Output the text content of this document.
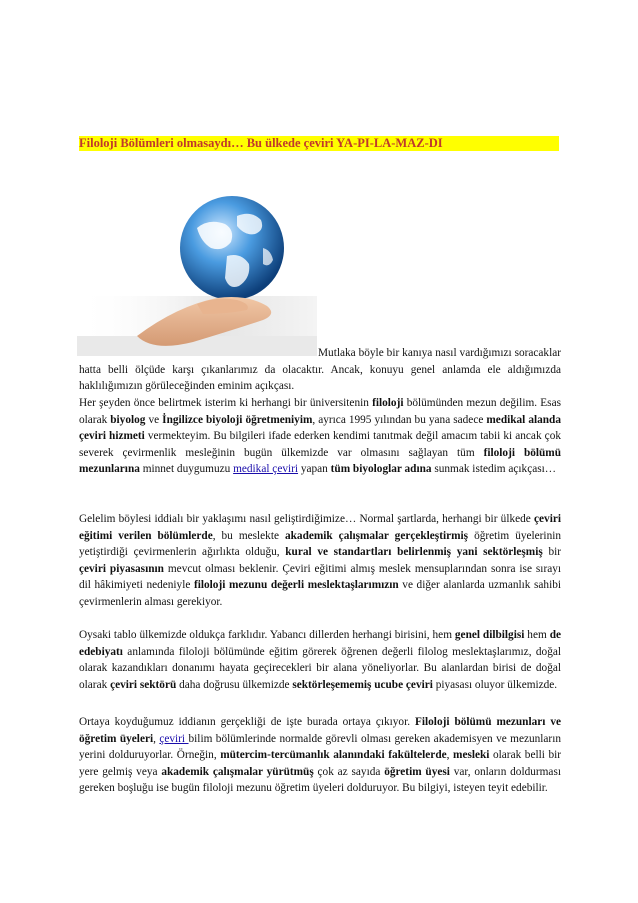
Filoloji Bölümleri olmasaydı… Bu ülkede çeviri YA-PI-LA-MAZ-DI

Mutlaka böyle bir kanıya nasıl vardığımızı soracaklar hatta belli ölçüde karşı çıkanlarımız da olacaktır. Ancak, konuyu genel anlamda ele aldığımızda haklılığımızın görüleceğinden eminim açıkçası.

Her şeyden önce belirtmek isterim ki herhangi bir üniversitenin filoloji bölümünden mezun değilim. Esas olarak biyolog ve İngilizce biyoloji öğretmeniyim, ayrıca 1995 yılından bu yana sadece medikal alanda çeviri hizmeti vermekteyim. Bu bilgileri ifade ederken kendimi tanıtmak değil amacım tabii ki ancak çok severek çevirmenlik mesleğinin bugün ülkemizde var olmasını sağlayan tüm filoloji bölümü mezunlarına minnet duygumuzu medikal çeviri yapan tüm biyologlar adına sunmak istedim açıkçası…

Gelelim böylesi iddialı bir yaklaşımı nasıl geliştirdiğimize… Normal şartlarda, herhangi bir ülkede çeviri eğitimi verilen bölümlerde, bu meslekte akademik çalışmalar gerçekleştirmiş öğretim üyelerinin yetiştirdiği çevirmenlerin ağırlıkta olduğu, kural ve standartları belirlenmiş yani sektörleşmiş bir çeviri piyasasının mevcut olması beklenir. Çeviri eğitimi almış meslek mensuplarından sonra ise sırayı dil hâkimiyeti nedeniyle filoloji mezunu değerli meslektaşlarımızın ve diğer alanlarda uzmanlık sahibi çevirmenlerin alması gerekiyor.

Oysaki tablo ülkemizde oldukça farklıdır. Yabancı dillerden herhangi birisini, hem genel dilbilgisi hem de edebiyatı anlamında filoloji bölümünde eğitim görerek öğrenen değerli filolog meslektaşlarımız, doğal olarak kazandıkları donanımı hayata geçirecekleri bir alana yöneliyorlar. Bu alanlardan birisi de doğal olarak çeviri sektörü daha doğrusu ülkemizde sektörleşememiş ucube çeviri piyasası oluyor ülkemizde.

Ortaya koyduğumuz iddianın gerçekliği de işte burada ortaya çıkıyor. Filoloji bölümü mezunları ve öğretim üyeleri, çeviri bilim bölümlerinde normalde görevli olması gereken akademisyen ve mezunların yerini dolduruyorlar. Örneğin, mütercim-tercümanlık alanındaki fakültelerde, mesleki olarak belli bir yere gelmiş veya akademik çalışmalar yürütmüş çok az sayıda öğretim üyesi var, onların doldurması gereken boşluğu ise bugün filoloji mezunu öğretim üyeleri dolduruyor. Bu bilgiyi, isteyen teyit edebilir.
